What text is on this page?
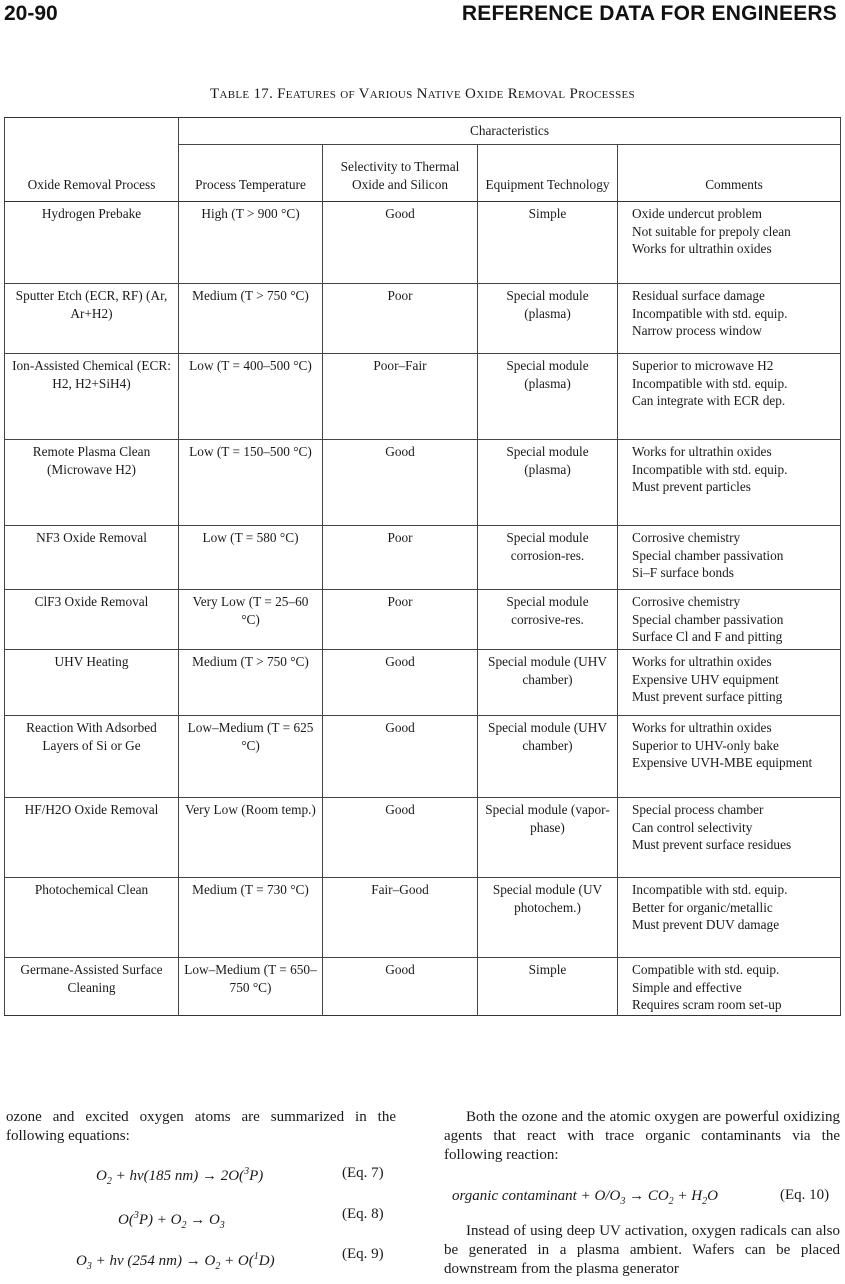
20-90	REFERENCE DATA FOR ENGINEERS
Table 17. Features of Various Native Oxide Removal Processes
Oxide Removal Process	Characteristics			
	Process Temperature	Selectivity to Thermal Oxide and Silicon	Equipment Technology	Comments
Hydrogen Prebake	High (T > 900 °C)	Good	Simple	Oxide undercut problem
Not suitable for prepoly clean
Works for ultrathin oxides

Sputter Etch (ECR, RF) (Ar, Ar+H2)	Medium (T > 750 °C)	Poor	Special module (plasma)	Residual surface damage
Incompatible with std. equip.
Narrow process window

Ion-Assisted Chemical (ECR: H2, H2+SiH4)	Low (T = 400–500 °C)	Poor–Fair	Special module (plasma)	Superior to microwave H2
Incompatible with std. equip.
Can integrate with ECR dep.

Remote Plasma Clean (Microwave H2)	Low (T = 150–500 °C)	Good	Special module (plasma)	Works for ultrathin oxides
Incompatible with std. equip.
Must prevent particles

NF3 Oxide Removal	Low (T = 580 °C)	Poor	Special module corrosion-res.	Corrosive chemistry
Special chamber passivation
Si–F surface bonds

ClF3 Oxide Removal	Very Low (T = 25–60 °C)	Poor	Special module corrosive-res.	Corrosive chemistry
Special chamber passivation
Surface Cl and F and pitting

UHV Heating	Medium (T > 750 °C)	Good	Special module (UHV chamber)	Works for ultrathin oxides
Expensive UHV equipment
Must prevent surface pitting

Reaction With Adsorbed Layers of Si or Ge	Low–Medium (T = 625 °C)	Good	Special module (UHV chamber)	Works for ultrathin oxides
Superior to UHV-only bake
Expensive UVH-MBE equipment

HF/H2O Oxide Removal	Very Low (Room temp.)	Good	Special module (vapor-phase)	Special process chamber
Can control selectivity
Must prevent surface residues

Photochemical Clean	Medium (T = 730 °C)	Fair–Good	Special module (UV photochem.)	Incompatible with std. equip.
Better for organic/metallic
Must prevent DUV damage

Germane-Assisted Surface Cleaning	Low–Medium (T = 650–750 °C)	Good	Simple	Compatible with std. equip.
Simple and effective
Requires scram room set-up

ozone and excited oxygen atoms are summarized in the following equations:

$O_2 + hv(185$ nm) → 2O($^3$P)	(Eq. 7)
$O(^3P) + O_2 \to O_3$
(Eq. 8)
$O_3$ + hv (254 $nm) \to O_2 + O(^1D)$	(Eq. 9)

Both the ozone and the atomic oxygen are powerful oxidizing agents that react with trace organic contaminants via the following reaction:

organic contaminant + $O/O_3 \to CO_2 + H_2O$	(Eq. 10)

Instead of using deep UV activation, oxygen radicals can also be generated in a plasma ambient. Wafers can be placed downstream from the plasma generator
